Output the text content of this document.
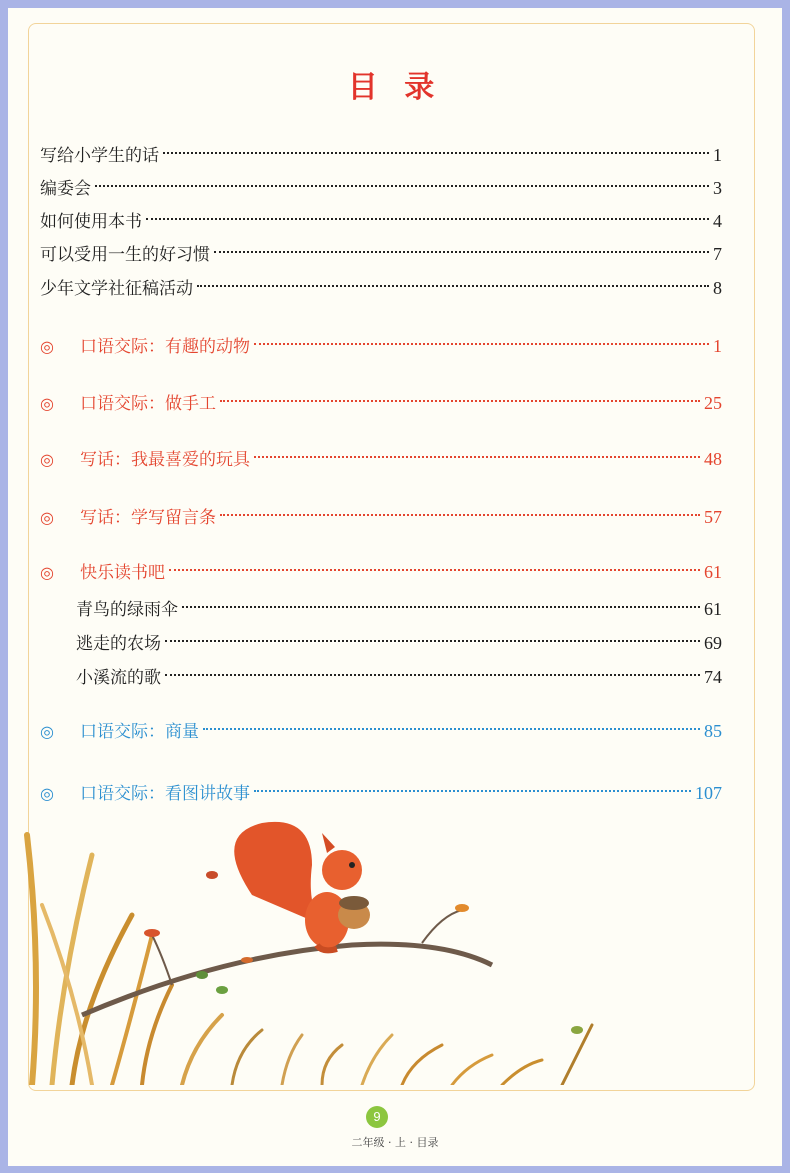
目 录
写给小学生的话	1
编委会	3
如何使用本书	4
可以受用一生的好习惯	7
少年文学社征稿活动	8
◎	口语交际：有趣的动物	1
◎	口语交际：做手工	25
◎	写话：我最喜爱的玩具	48
◎	写话：学写留言条	57
◎	快乐读书吧	61
青鸟的绿雨伞	61
逃走的农场	69
小溪流的歌	74
◎	口语交际：商量	85
◎	口语交际：看图讲故事	107
9
二年级 · 上 · 目录
